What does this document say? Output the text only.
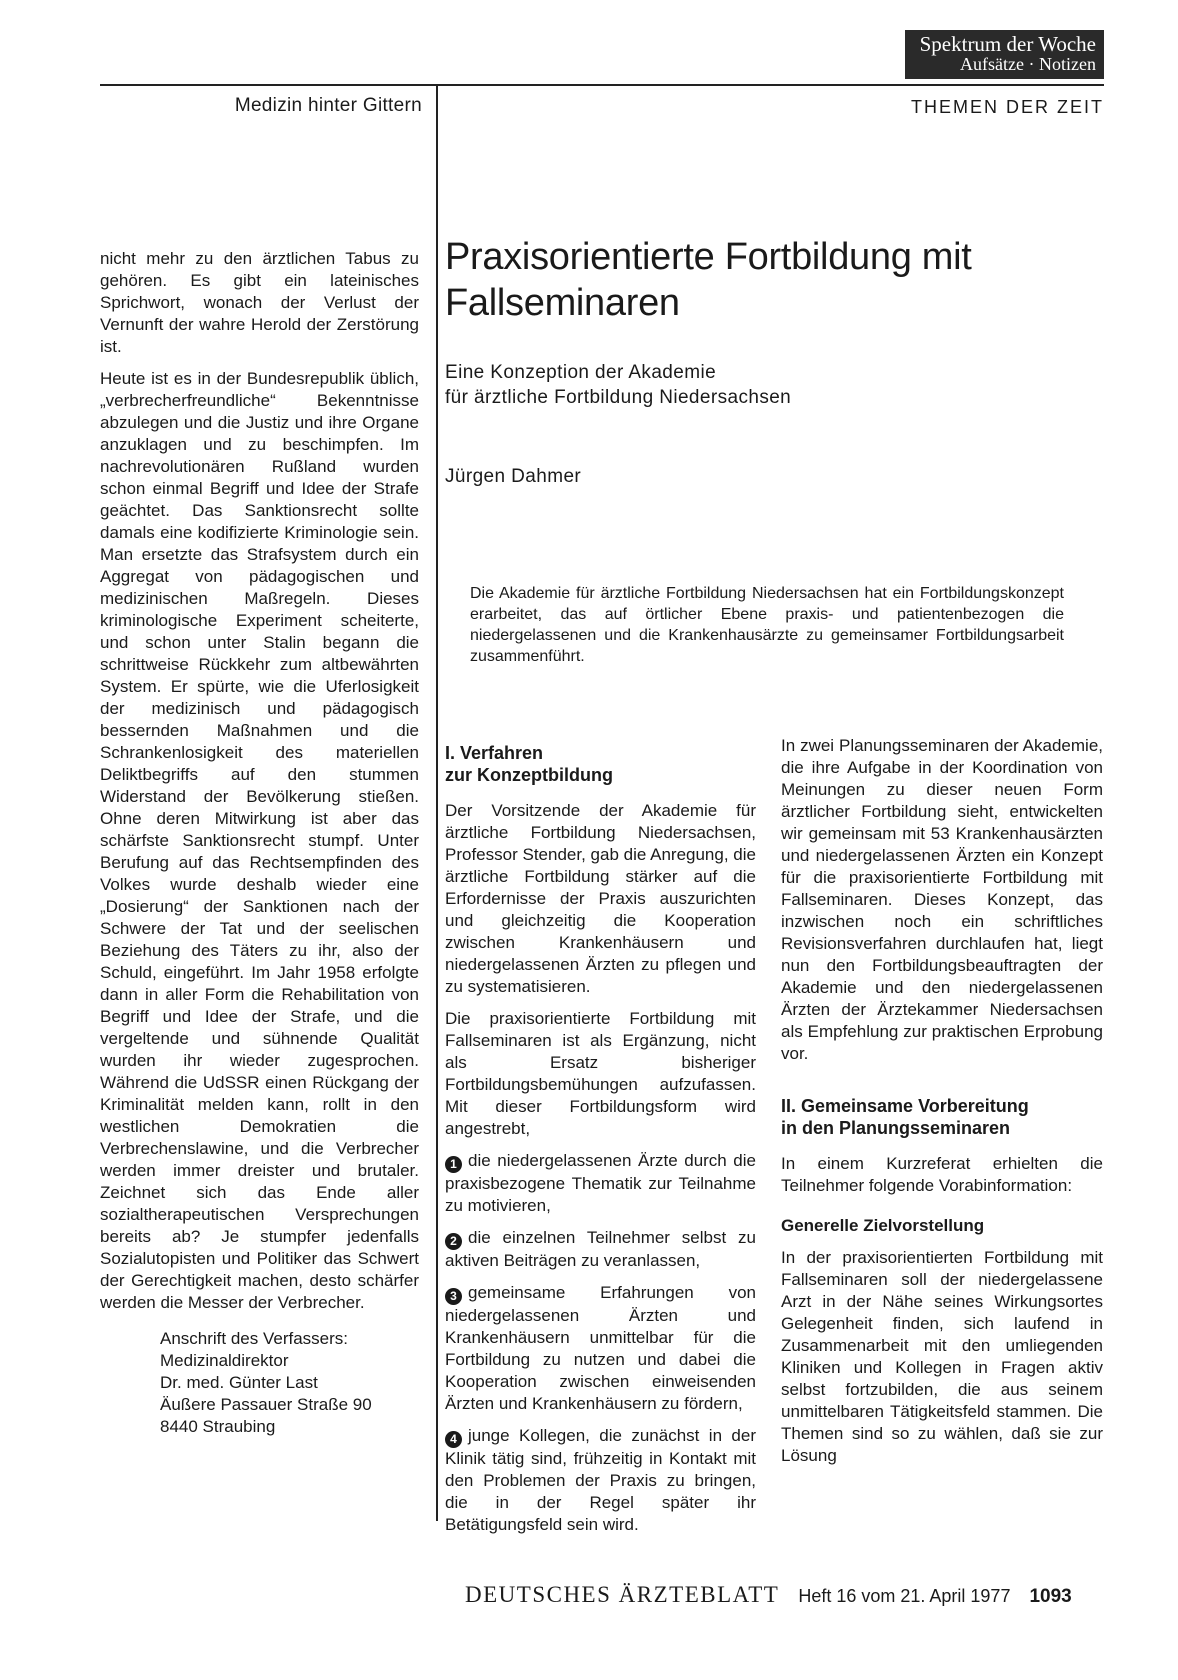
Spektrum der Woche
Aufsätze · Notizen
Medizin hinter Gittern	THEMEN DER ZEIT

nicht mehr zu den ärztlichen Tabus zu gehören. Es gibt ein lateinisches Sprichwort, wonach der Verlust der Vernunft der wahre Herold der Zerstörung ist.

Heute ist es in der Bundesrepublik üblich, „verbrecherfreundliche“ Bekenntnisse abzulegen und die Justiz und ihre Organe anzuklagen und zu beschimpfen. Im nachrevolutionären Rußland wurden schon einmal Begriff und Idee der Strafe geächtet. Das Sanktionsrecht sollte damals eine kodifizierte Kriminologie sein. Man ersetzte das Strafsystem durch ein Aggregat von pädagogischen und medizinischen Maßregeln. Dieses kriminologische Experiment scheiterte, und schon unter Stalin begann die schrittweise Rückkehr zum altbewährten System. Er spürte, wie die Uferlosigkeit der medizinisch und pädagogisch bessernden Maßnahmen und die Schrankenlosigkeit des materiellen Deliktbegriffs auf den stummen Widerstand der Bevölkerung stießen. Ohne deren Mitwirkung ist aber das schärfste Sanktionsrecht stumpf. Unter Berufung auf das Rechtsempfinden des Volkes wurde deshalb wieder eine „Dosierung“ der Sanktionen nach der Schwere der Tat und der seelischen Beziehung des Täters zu ihr, also der Schuld, eingeführt. Im Jahr 1958 erfolgte dann in aller Form die Rehabilitation von Begriff und Idee der Strafe, und die vergeltende und sühnende Qualität wurden ihr wieder zugesprochen. Während die UdSSR einen Rückgang der Kriminalität melden kann, rollt in den westlichen Demokratien die Verbrechenslawine, und die Verbrecher werden immer dreister und brutaler. Zeichnet sich das Ende aller sozialtherapeutischen Versprechungen bereits ab? Je stumpfer jedenfalls Sozialutopisten und Politiker das Schwert der Gerechtigkeit machen, desto schärfer werden die Messer der Verbrecher.

Anschrift des Verfassers:
Medizinaldirektor
Dr. med. Günter Last
Äußere Passauer Straße 90
8440 Straubing
Praxisorientierte Fortbildung mit Fallseminaren
Eine Konzeption der Akademie
für ärztliche Fortbildung Niedersachsen
Jürgen Dahmer
Die Akademie für ärztliche Fortbildung Niedersachsen hat ein Fortbildungskonzept erarbeitet, das auf örtlicher Ebene praxis- und patientenbezogen die niedergelassenen und die Krankenhausärzte zu gemeinsamer Fortbildungsarbeit zusammenführt.
I. Verfahren
zur Konzeptbildung

Der Vorsitzende der Akademie für ärztliche Fortbildung Niedersachsen, Professor Stender, gab die Anregung, die ärztliche Fortbildung stärker auf die Erfordernisse der Praxis auszurichten und gleichzeitig die Kooperation zwischen Krankenhäusern und niedergelassenen Ärzten zu pflegen und zu systematisieren.

Die praxisorientierte Fortbildung mit Fallseminaren ist als Ergänzung, nicht als Ersatz bisheriger Fortbildungsbemühungen aufzufassen. Mit dieser Fortbildungsform wird angestrebt,

1 die niedergelassenen Ärzte durch die praxisbezogene Thematik zur Teilnahme zu motivieren,

2 die einzelnen Teilnehmer selbst zu aktiven Beiträgen zu veranlassen,

3 gemeinsame Erfahrungen von niedergelassenen Ärzten und Krankenhäusern unmittelbar für die Fortbildung zu nutzen und dabei die Kooperation zwischen einweisenden Ärzten und Krankenhäusern zu fördern,

4 junge Kollegen, die zunächst in der Klinik tätig sind, frühzeitig in Kontakt mit den Problemen der Praxis zu bringen, die in der Regel später ihr Betätigungsfeld sein wird.

In zwei Planungsseminaren der Akademie, die ihre Aufgabe in der Koordination von Meinungen zu dieser neuen Form ärztlicher Fortbildung sieht, entwickelten wir gemeinsam mit 53 Krankenhausärzten und niedergelassenen Ärzten ein Konzept für die praxisorientierte Fortbildung mit Fallseminaren. Dieses Konzept, das inzwischen noch ein schriftliches Revisionsverfahren durchlaufen hat, liegt nun den Fortbildungsbeauftragten der Akademie und den niedergelassenen Ärzten der Ärztekammer Niedersachsen als Empfehlung zur praktischen Erprobung vor.

II. Gemeinsame Vorbereitung
in den Planungsseminaren

In einem Kurzreferat erhielten die Teilnehmer folgende Vorabinformation:

Generelle Zielvorstellung

In der praxisorientierten Fortbildung mit Fallseminaren soll der niedergelassene Arzt in der Nähe seines Wirkungsortes Gelegenheit finden, sich laufend in Zusammenarbeit mit den umliegenden Kliniken und Kollegen in Fragen aktiv selbst fortzubilden, die aus seinem unmittelbaren Tätigkeitsfeld stammen. Die Themen sind so zu wählen, daß sie zur Lösung

DEUTSCHES ÄRZTEBLATT Heft 16 vom 21. April 1977 1093
